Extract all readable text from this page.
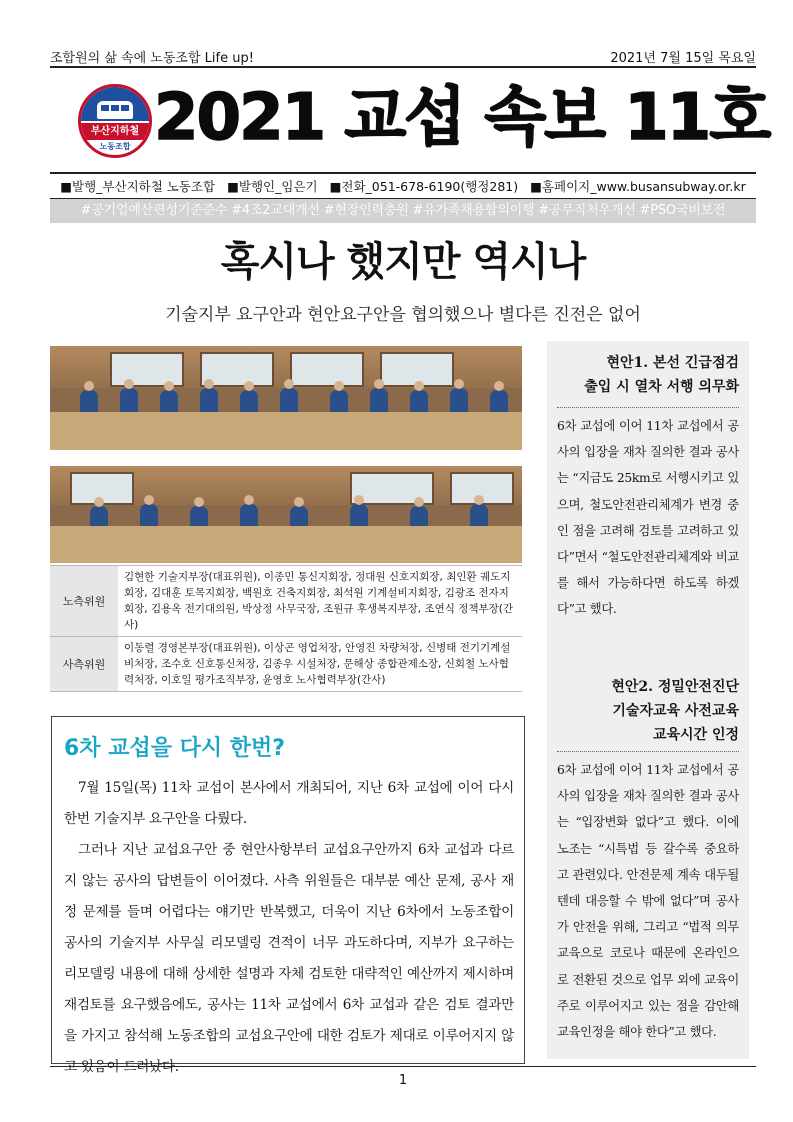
조합원의 삶 속에 노동조합 Life up!	2021년 7월 15일 목요일
부산지하철
노동조합 2021 교섭 속보 11호
■발행_부산지하철 노동조합 ■발행인_임은기 ■전화_051-678-6190(행정281) ■홈페이지_www.busansubway.or.kr
#공기업예산편성기준준수 #4조2교대개선 #현장인력충원 #유가족채용합의이행 #공무직처우개선 #PSO국비보전
혹시나 했지만 역시나
기술지부 요구안과 현안요구안을 협의했으나 별다른 진전은 없어
노측위원	김현한 기술지부장(대표위원), 이종민 통신지회장, 정대원 신호지회장, 최인환 궤도지회장, 김대훈 토목지회장, 백원호 건축지회장, 최석원 기계설비지회장, 김광조 전자지회장, 김용옥 전기대의원, 박상정 사무국장, 조원규 후생복지부장, 조연식 정책부장(간사)
사측위원	이동렬 경영본부장(대표위원), 이상곤 영업처장, 안영진 차량처장, 신병태 전기기계설비처장, 조수호 신호통신처장, 김종우 시설처장, 문해상 종합관제소장, 신회철 노사협력처장, 이호일 평가조직부장, 윤영호 노사협력부장(간사)
6차 교섭을 다시 한번?

7월 15일(목) 11차 교섭이 본사에서 개최되어, 지난 6차 교섭에 이어 다시 한번 기술지부 요구안을 다뤘다.

그러나 지난 교섭요구안 중 현안사항부터 교섭요구안까지 6차 교섭과 다르지 않는 공사의 답변들이 이어졌다. 사측 위원들은 대부분 예산 문제, 공사 재정 문제를 들며 어렵다는 얘기만 반복했고, 더욱이 지난 6차에서 노동조합이 공사의 기술지부 사무실 리모델링 견적이 너무 과도하다며, 지부가 요구하는 리모델링 내용에 대해 상세한 설명과 자체 검토한 대략적인 예산까지 제시하며 재검토를 요구했음에도, 공사는 11차 교섭에서 6차 교섭과 같은 검토 결과만을 가지고 참석해 노동조합의 교섭요구안에 대한 검토가 제대로 이루어지지 않고 있음이 드러났다.

현안1. 본선 긴급점검
출입 시 열차 서행 의무화
6차 교섭에 이어 11차 교섭에서 공사의 입장을 재차 질의한 결과 공사는 “지금도 25km로 서행시키고 있으며, 철도안전관리체계가 변경 중인 점을 고려해 검토를 고려하고 있다”면서 “철도안전관리체계와 비교를 해서 가능하다면 하도록 하겠다”고 했다.
현안2. 정밀안전진단
기술자교육 사전교육
교육시간 인정
6차 교섭에 이어 11차 교섭에서 공사의 입장을 재차 질의한 결과 공사는 “입장변화 없다”고 했다. 이에 노조는 “시특법 등 갈수록 중요하고 관련있다. 안전문제 계속 대두될 텐데 대응할 수 밖에 없다”며 공사가 안전을 위해, 그리고 “법적 의무교육으로 코로나 때문에 온라인으로 전환된 것으로 업무 외에 교육이 주로 이루어지고 있는 점을 감안해 교육인정을 해야 한다”고 했다.
1
